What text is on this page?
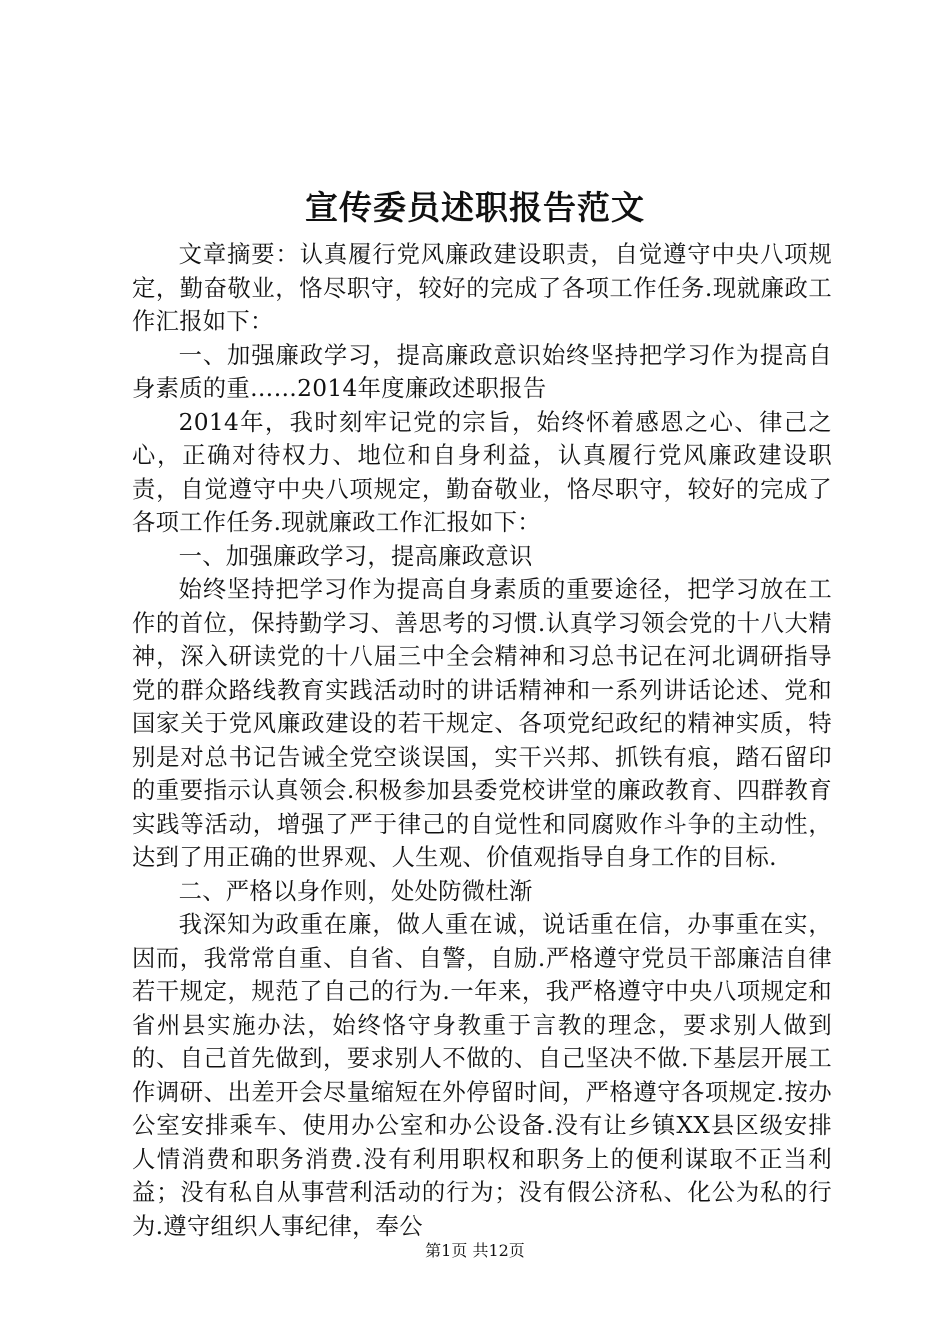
宣传委员述职报告范文

文章摘要：认真履行党风廉政建设职责，自觉遵守中央八项规定，勤奋敬业，恪尽职守，较好的完成了各项工作任务.现就廉政工作汇报如下：

一、加强廉政学习，提高廉政意识始终坚持把学习作为提高自身素质的重……2014年度廉政述职报告

2014年，我时刻牢记党的宗旨，始终怀着感恩之心、律己之心，正确对待权力、地位和自身利益，认真履行党风廉政建设职责，自觉遵守中央八项规定，勤奋敬业，恪尽职守，较好的完成了各项工作任务.现就廉政工作汇报如下：

一、加强廉政学习，提高廉政意识

始终坚持把学习作为提高自身素质的重要途径，把学习放在工作的首位，保持勤学习、善思考的习惯.认真学习领会党的十八大精神，深入研读党的十八届三中全会精神和习总书记在河北调研指导党的群众路线教育实践活动时的讲话精神和一系列讲话论述、党和国家关于党风廉政建设的若干规定、各项党纪政纪的精神实质，特别是对总书记告诫全党空谈误国，实干兴邦、抓铁有痕，踏石留印的重要指示认真领会.积极参加县委党校讲堂的廉政教育、四群教育实践等活动，增强了严于律己的自觉性和同腐败作斗争的主动性，达到了用正确的世界观、人生观、价值观指导自身工作的目标.

二、严格以身作则，处处防微杜渐

我深知为政重在廉，做人重在诚，说话重在信，办事重在实，因而，我常常自重、自省、自警，自励.严格遵守党员干部廉洁自律若干规定，规范了自己的行为.一年来，我严格遵守中央八项规定和省州县实施办法，始终恪守身教重于言教的理念，要求别人做到的、自己首先做到，要求别人不做的、自己坚决不做.下基层开展工作调研、出差开会尽量缩短在外停留时间，严格遵守各项规定.按办公室安排乘车、使用办公室和办公设备.没有让乡镇XX县区级安排人情消费和职务消费.没有利用职权和职务上的便利谋取不正当利益；没有私自从事营利活动的行为；没有假公济私、化公为私的行为.遵守组织人事纪律，奉公

第1页 共12页
